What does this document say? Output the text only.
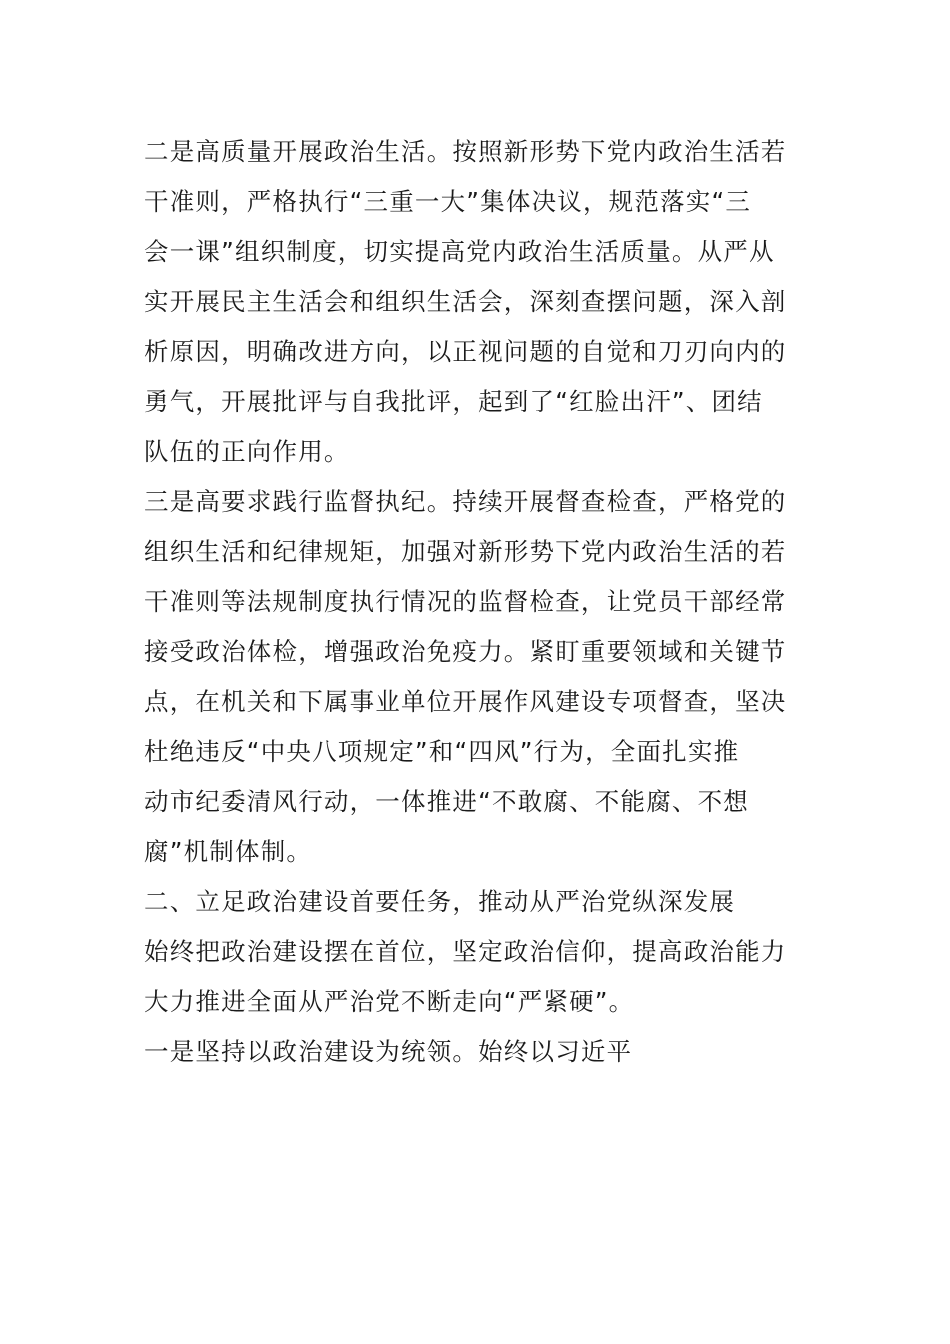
二是高质量开展政治生活。按照新形势下党内政治生活若
干准则，严格执行“三重一大”集体决议，规范落实“三
会一课”组织制度，切实提高党内政治生活质量。从严从
实开展民主生活会和组织生活会，深刻查摆问题，深入剖
析原因，明确改进方向，以正视问题的自觉和刀刃向内的
勇气，开展批评与自我批评，起到了“红脸出汗”、团结
队伍的正向作用。
三是高要求践行监督执纪。持续开展督查检查，严格党的
组织生活和纪律规矩，加强对新形势下党内政治生活的若
干准则等法规制度执行情况的监督检查，让党员干部经常
接受政治体检，增强政治免疫力。紧盯重要领域和关键节
点，在机关和下属事业单位开展作风建设专项督查，坚决
杜绝违反“中央八项规定”和“四风”行为，全面扎实推
动市纪委清风行动，一体推进“不敢腐、不能腐、不想
腐”机制体制。
二、立足政治建设首要任务，推动从严治党纵深发展
始终把政治建设摆在首位，坚定政治信仰，提高政治能力
大力推进全面从严治党不断走向“严紧硬”。
一是坚持以政治建设为统领。始终以习近平
